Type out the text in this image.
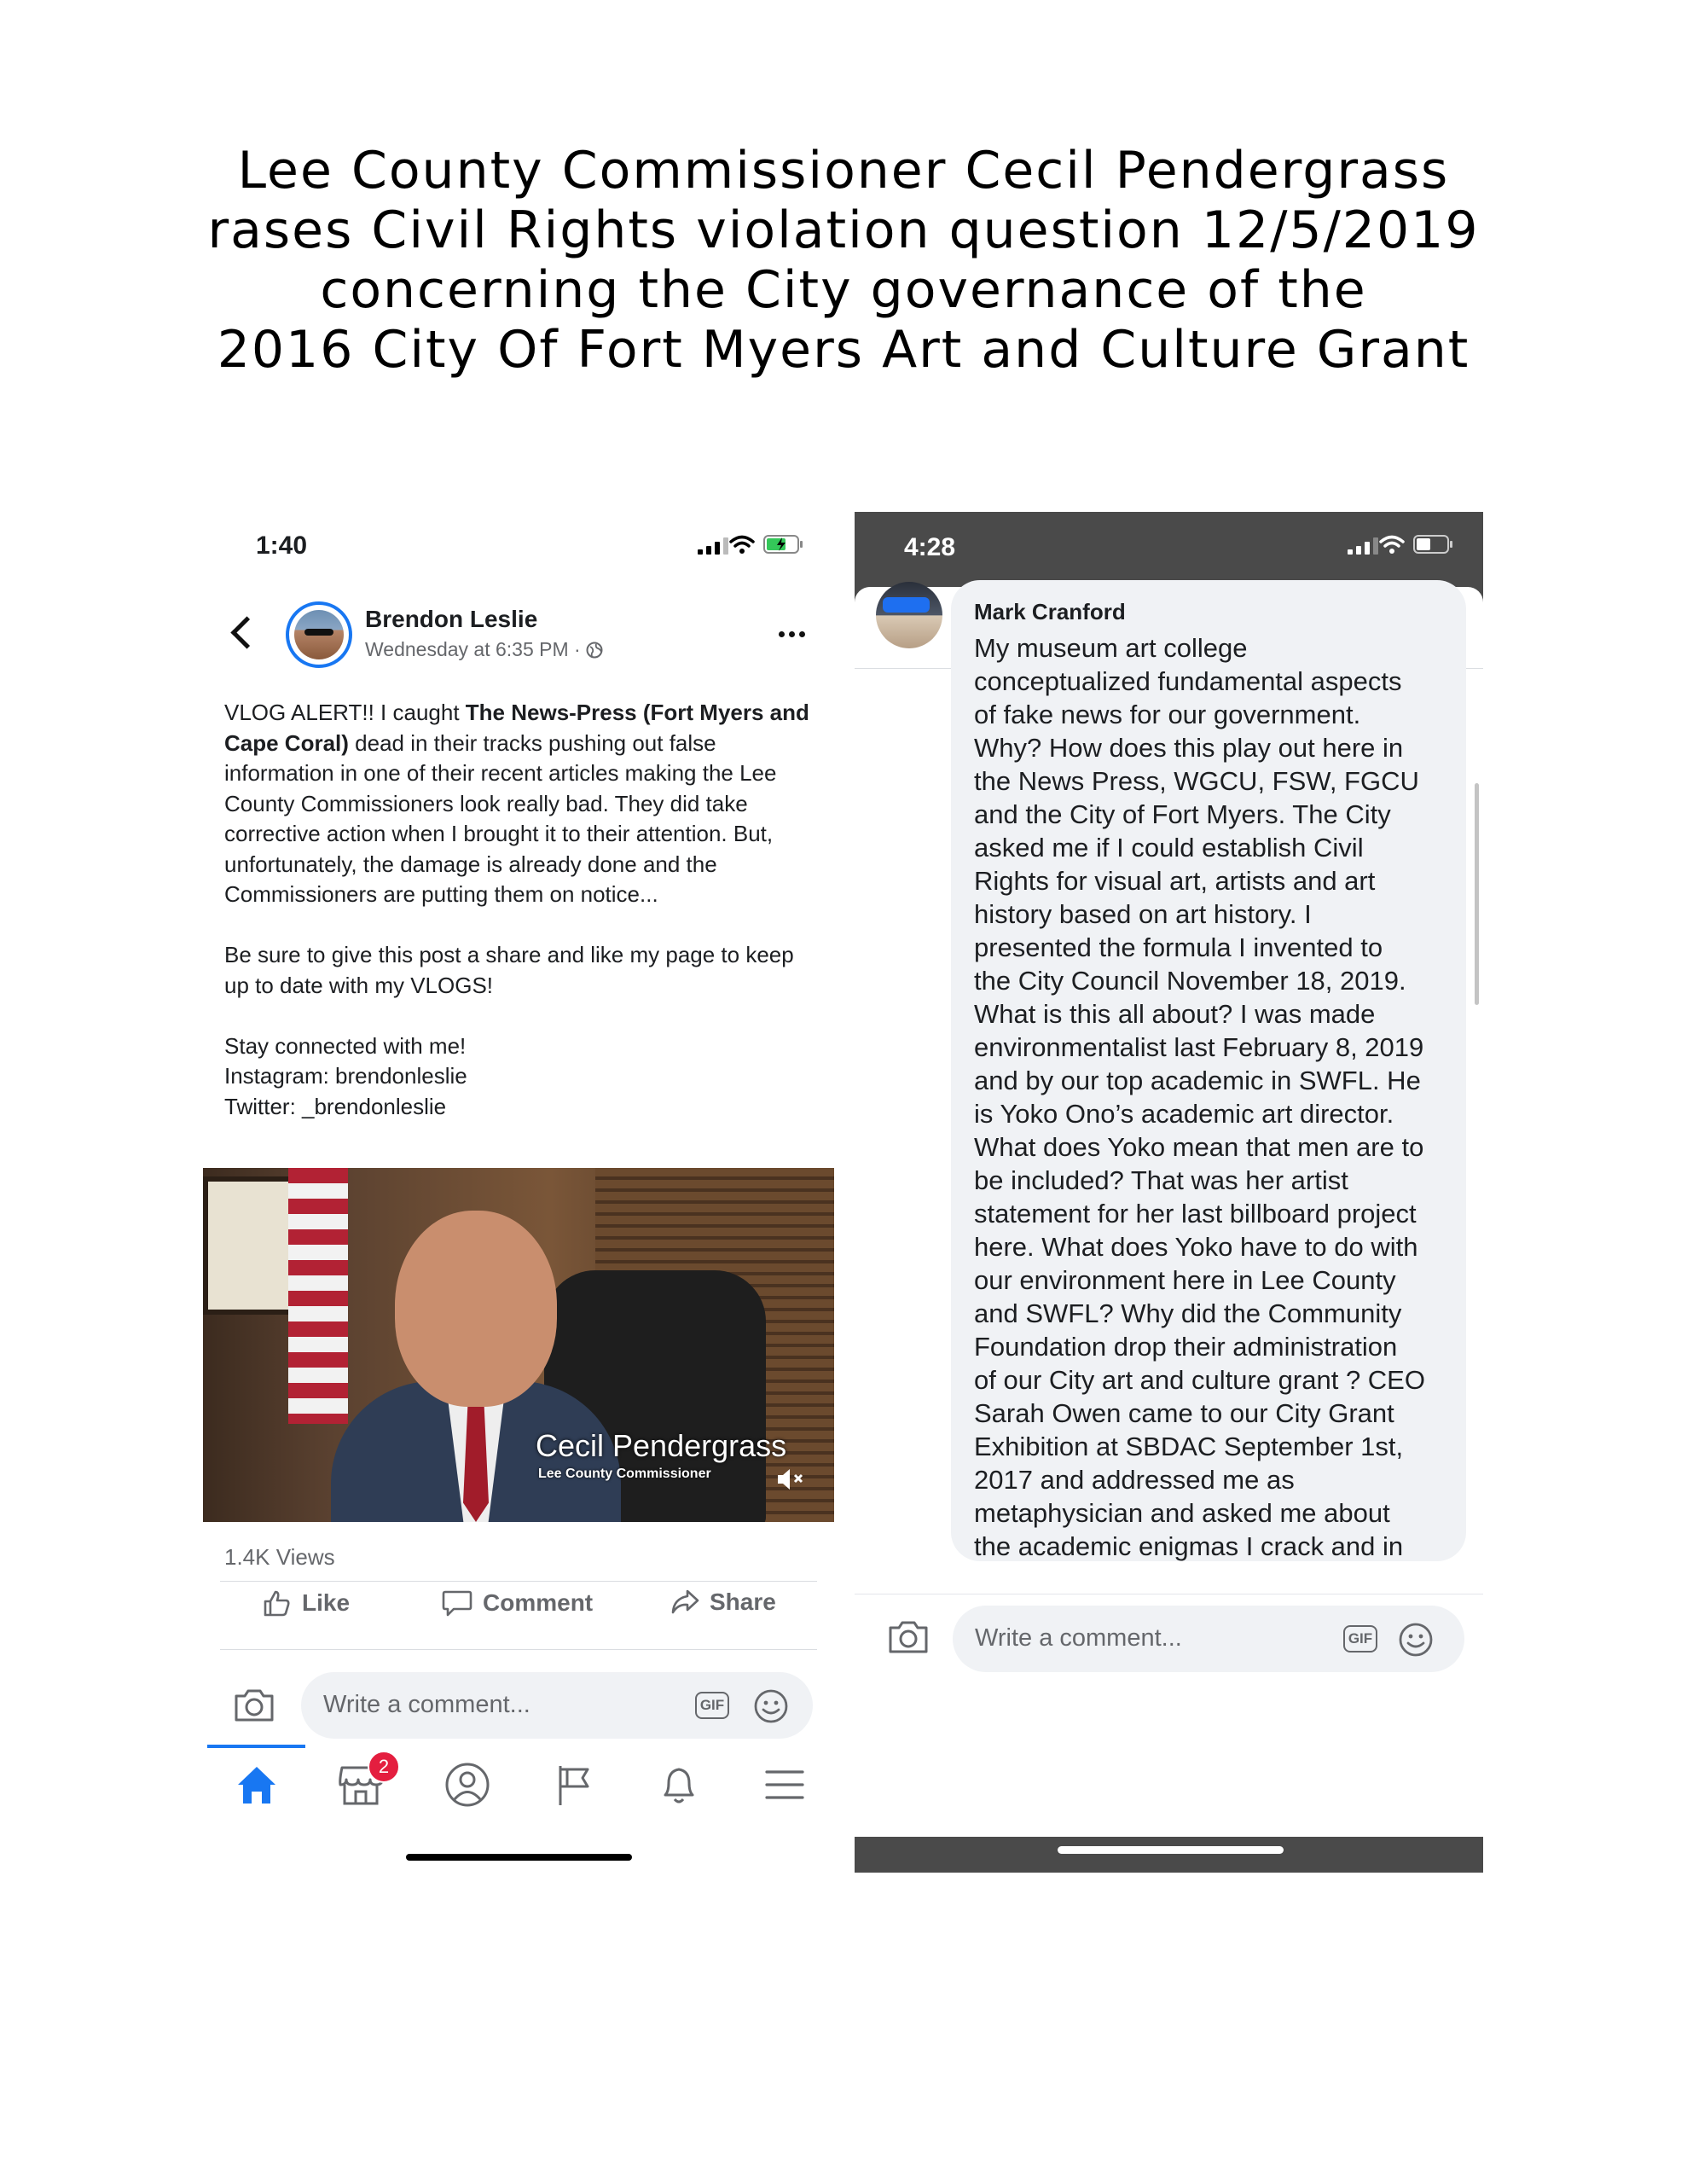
Lee County Commissioner Cecil Pendergrass
rases Civil Rights violation question 12/5/2019
concerning the City governance of the
2016 City Of Fort Myers Art and Culture Grant
1:40
Brendon Leslie
Wednesday at 6:35 PM ·

VLOG ALERT!! I caught The News-Press (Fort Myers and Cape Coral) dead in their tracks pushing out false information in one of their recent articles making the Lee County Commissioners look really bad. They did take corrective action when I brought it to their attention. But, unfortunately, the damage is already done and the Commissioners are putting them on notice...

Be sure to give this post a share and like my page to keep up to date with my VLOGS!

Stay connected with me!

Instagram: brendonleslie

Twitter: _brendonleslie

Cecil Pendergrass
Lee County Commissioner
1.4K Views
Like	Comment	Share
Write a comment...	GIF
2
4:28
Mark Cranford
My museum art college
conceptualized fundamental aspects
of fake news for our government.
Why? How does this play out here in
the News Press, WGCU, FSW, FGCU
and the City of Fort Myers. The City
asked me if I could establish Civil
Rights for visual art, artists and art
history based on art history. I
presented the formula I invented to
the City Council November 18, 2019.
What is this all about? I was made
environmentalist last February 8, 2019
and by our top academic in SWFL. He
is Yoko Ono’s academic art director.
What does Yoko mean that men are to
be included? That was her artist
statement for her last billboard project
here. What does Yoko have to do with
our environment here in Lee County
and SWFL? Why did the Community
Foundation drop their administration
of our City art and culture grant ? CEO
Sarah Owen came to our City Grant
Exhibition at SBDAC September 1st,
2017 and addressed me as
metaphysician and asked me about
the academic enigmas I crack and in

Write a comment...	GIF
